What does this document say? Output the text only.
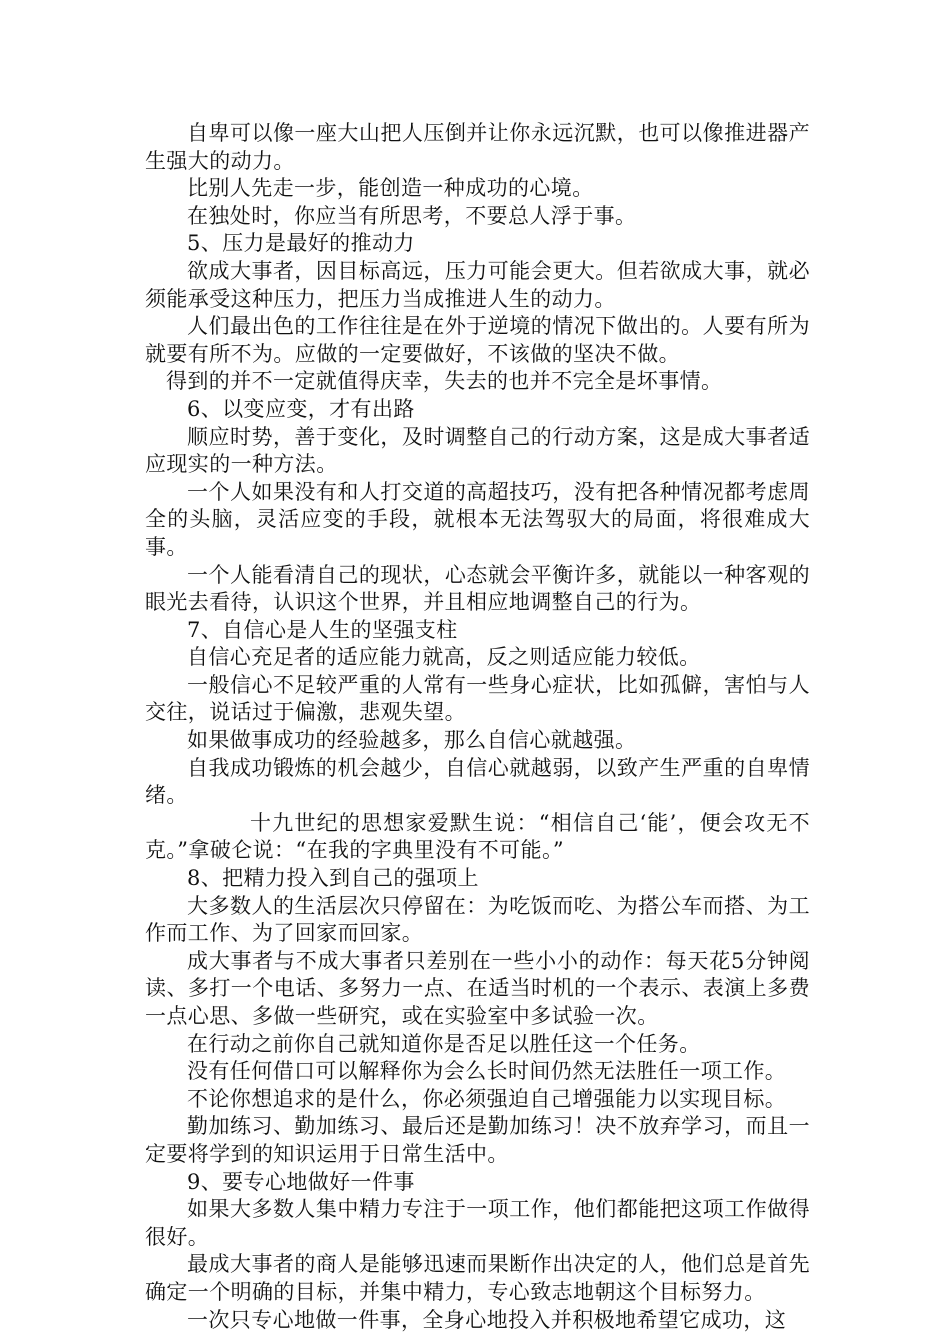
自卑可以像一座大山把人压倒并让你永远沉默，也可以像推进器产生强大的动力。

比别人先走一步，能创造一种成功的心境。

在独处时，你应当有所思考，不要总人浮于事。

5、压力是最好的推动力

欲成大事者，因目标高远，压力可能会更大。但若欲成大事，就必须能承受这种压力，把压力当成推进人生的动力。

人们最出色的工作往往是在外于逆境的情况下做出的。人要有所为就要有所不为。应做的一定要做好，不该做的坚决不做。

得到的并不一定就值得庆幸，失去的也并不完全是坏事情。

6、以变应变，才有出路

顺应时势，善于变化，及时调整自己的行动方案，这是成大事者适应现实的一种方法。

一个人如果没有和人打交道的高超技巧，没有把各种情况都考虑周全的头脑，灵活应变的手段，就根本无法驾驭大的局面，将很难成大事。

一个人能看清自己的现状，心态就会平衡许多，就能以一种客观的眼光去看待，认识这个世界，并且相应地调整自己的行为。

7、自信心是人生的坚强支柱

自信心充足者的适应能力就高，反之则适应能力较低。

一般信心不足较严重的人常有一些身心症状，比如孤僻，害怕与人交往，说话过于偏激，悲观失望。

如果做事成功的经验越多，那么自信心就越强。

自我成功锻炼的机会越少，自信心就越弱，以致产生严重的自卑情绪。

十九世纪的思想家爱默生说：“相信自己‘能’，便会攻无不克。”拿破仑说：“在我的字典里没有不可能。”

8、把精力投入到自己的强项上

大多数人的生活层次只停留在：为吃饭而吃、为搭公车而搭、为工作而工作、为了回家而回家。

成大事者与不成大事者只差别在一些小小的动作：每天花5分钟阅读、多打一个电话、多努力一点、在适当时机的一个表示、表演上多费一点心思、多做一些研究，或在实验室中多试验一次。

在行动之前你自己就知道你是否足以胜任这一个任务。

没有任何借口可以解释你为会么长时间仍然无法胜任一项工作。

不论你想追求的是什么，你必须强迫自己增强能力以实现目标。

勤加练习、勤加练习、最后还是勤加练习！决不放弃学习，而且一定要将学到的知识运用于日常生活中。

9、要专心地做好一件事

如果大多数人集中精力专注于一项工作，他们都能把这项工作做得很好。

最成大事者的商人是能够迅速而果断作出决定的人，他们总是首先确定一个明确的目标，并集中精力，专心致志地朝这个目标努力。

一次只专心地做一件事，全身心地投入并积极地希望它成功，这
